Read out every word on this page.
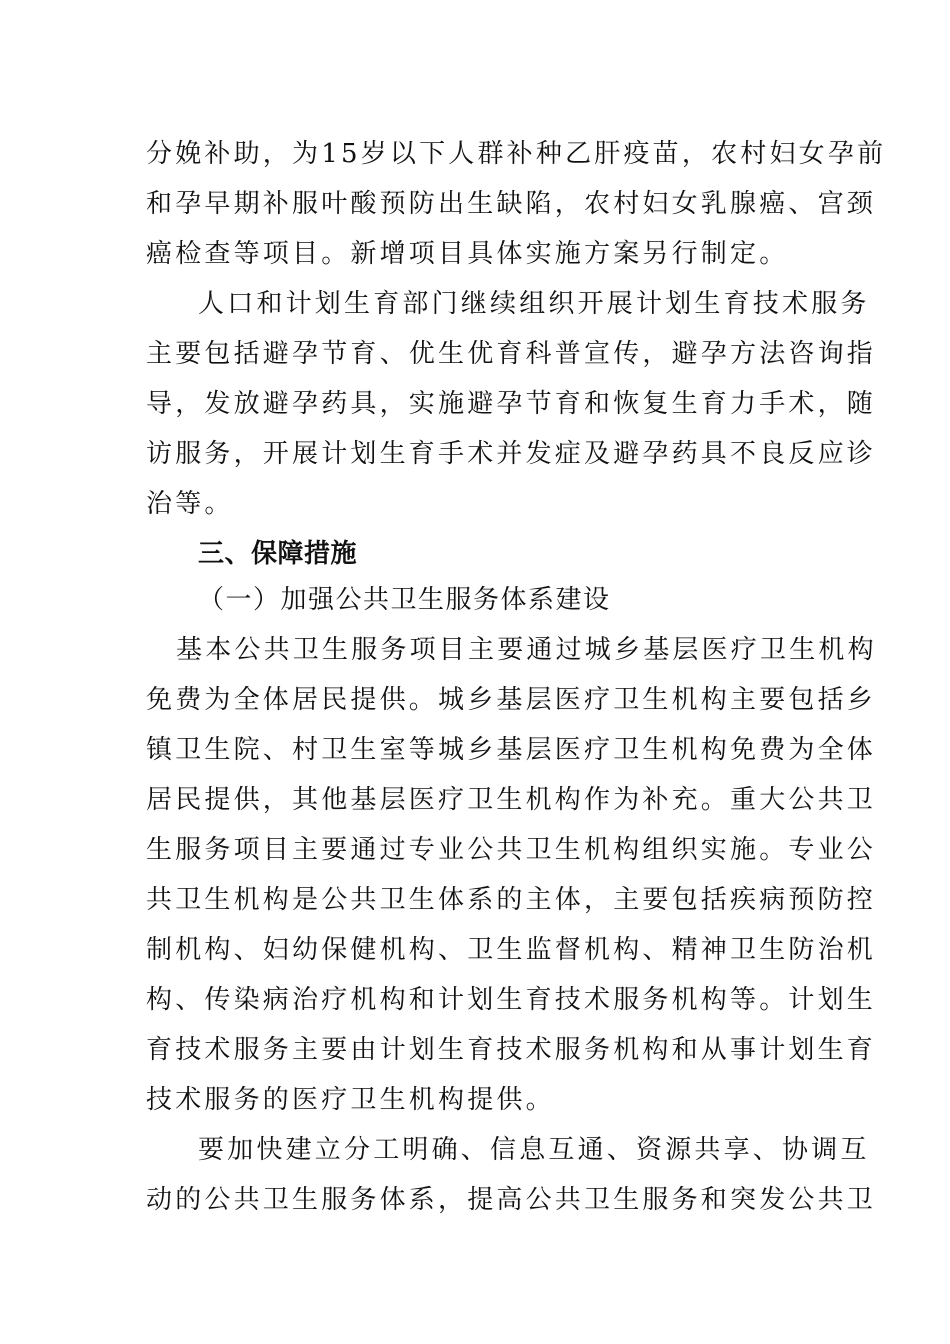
分娩补助，为15岁以下人群补种乙肝疫苗，农村妇女孕前
和孕早期补服叶酸预防出生缺陷，农村妇女乳腺癌、宫颈
癌检查等项目。新增项目具体实施方案另行制定。
人口和计划生育部门继续组织开展计划生育技术服务
主要包括避孕节育、优生优育科普宣传，避孕方法咨询指
导，发放避孕药具，实施避孕节育和恢复生育力手术，随
访服务，开展计划生育手术并发症及避孕药具不良反应诊
治等。
三、保障措施
（一）加强公共卫生服务体系建设
基本公共卫生服务项目主要通过城乡基层医疗卫生机构
免费为全体居民提供。城乡基层医疗卫生机构主要包括乡
镇卫生院、村卫生室等城乡基层医疗卫生机构免费为全体
居民提供，其他基层医疗卫生机构作为补充。重大公共卫
生服务项目主要通过专业公共卫生机构组织实施。专业公
共卫生机构是公共卫生体系的主体，主要包括疾病预防控
制机构、妇幼保健机构、卫生监督机构、精神卫生防治机
构、传染病治疗机构和计划生育技术服务机构等。计划生
育技术服务主要由计划生育技术服务机构和从事计划生育
技术服务的医疗卫生机构提供。
要加快建立分工明确、信息互通、资源共享、协调互
动的公共卫生服务体系，提高公共卫生服务和突发公共卫
